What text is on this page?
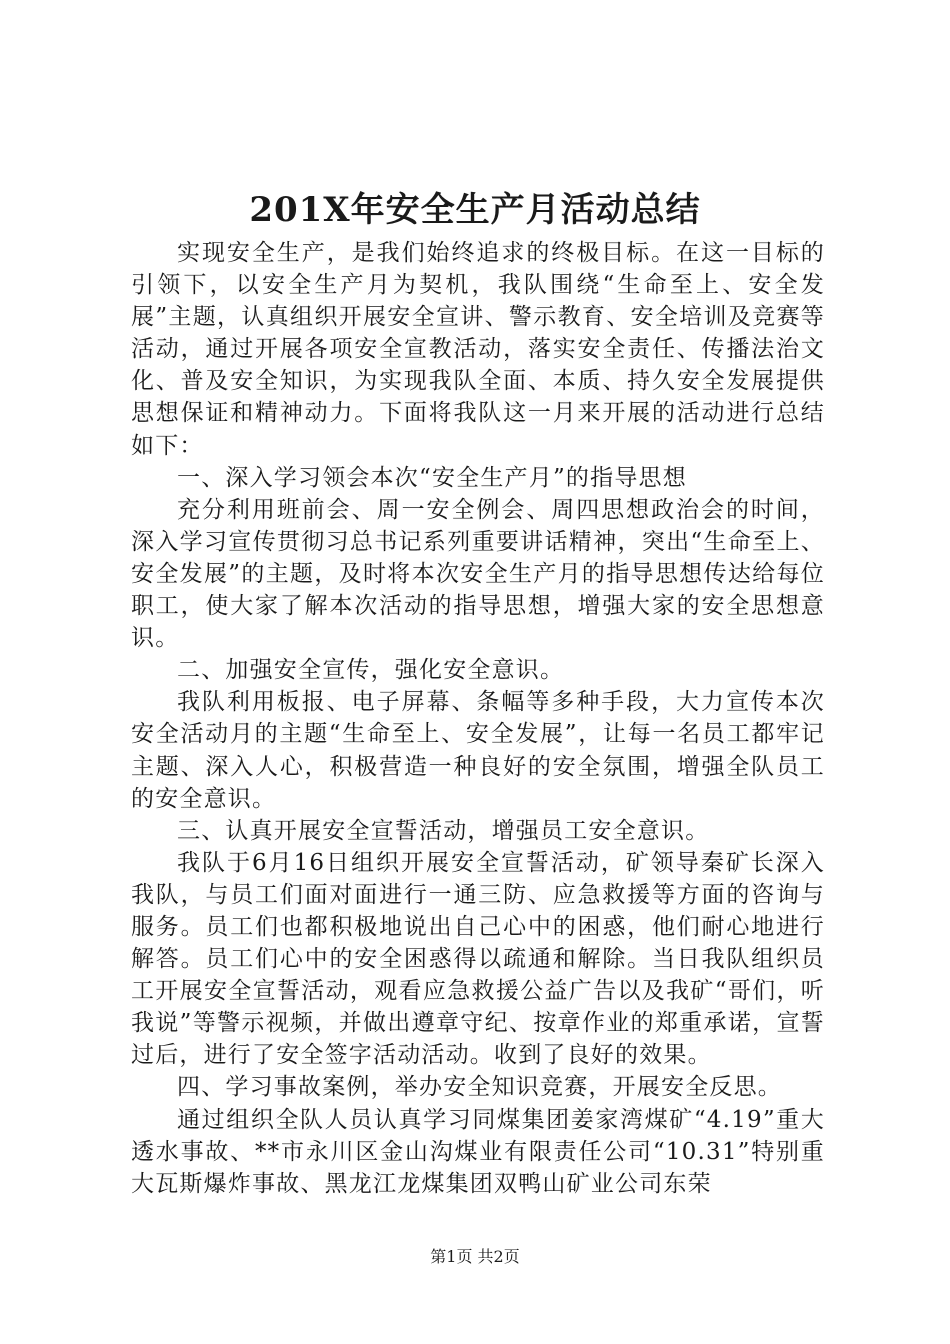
201X年安全生产月活动总结

实现安全生产，是我们始终追求的终极目标。在这一目标的引领下，以安全生产月为契机，我队围绕“生命至上、安全发展”主题，认真组织开展安全宣讲、警示教育、安全培训及竞赛等活动，通过开展各项安全宣教活动，落实安全责任、传播法治文化、普及安全知识，为实现我队全面、本质、持久安全发展提供思想保证和精神动力。下面将我队这一月来开展的活动进行总结如下：

一、深入学习领会本次“安全生产月”的指导思想

充分利用班前会、周一安全例会、周四思想政治会的时间，深入学习宣传贯彻习总书记系列重要讲话精神，突出“生命至上、安全发展”的主题，及时将本次安全生产月的指导思想传达给每位职工，使大家了解本次活动的指导思想，增强大家的安全思想意识。

二、加强安全宣传，强化安全意识。

我队利用板报、电子屏幕、条幅等多种手段，大力宣传本次安全活动月的主题“生命至上、安全发展”，让每一名员工都牢记主题、深入人心，积极营造一种良好的安全氛围，增强全队员工的安全意识。

三、认真开展安全宣誓活动，增强员工安全意识。

我队于6月16日组织开展安全宣誓活动，矿领导秦矿长深入我队，与员工们面对面进行一通三防、应急救援等方面的咨询与服务。员工们也都积极地说出自己心中的困惑，他们耐心地进行解答。员工们心中的安全困惑得以疏通和解除。当日我队组织员工开展安全宣誓活动，观看应急救援公益广告以及我矿“哥们，听我说”等警示视频，并做出遵章守纪、按章作业的郑重承诺，宣誓过后，进行了安全签字活动活动。收到了良好的效果。

四、学习事故案例，举办安全知识竞赛，开展安全反思。

通过组织全队人员认真学习同煤集团姜家湾煤矿“4.19”重大透水事故、**市永川区金山沟煤业有限责任公司“10.31”特别重大瓦斯爆炸事故、黑龙江龙煤集团双鸭山矿业公司东荣

第1页 共2页
